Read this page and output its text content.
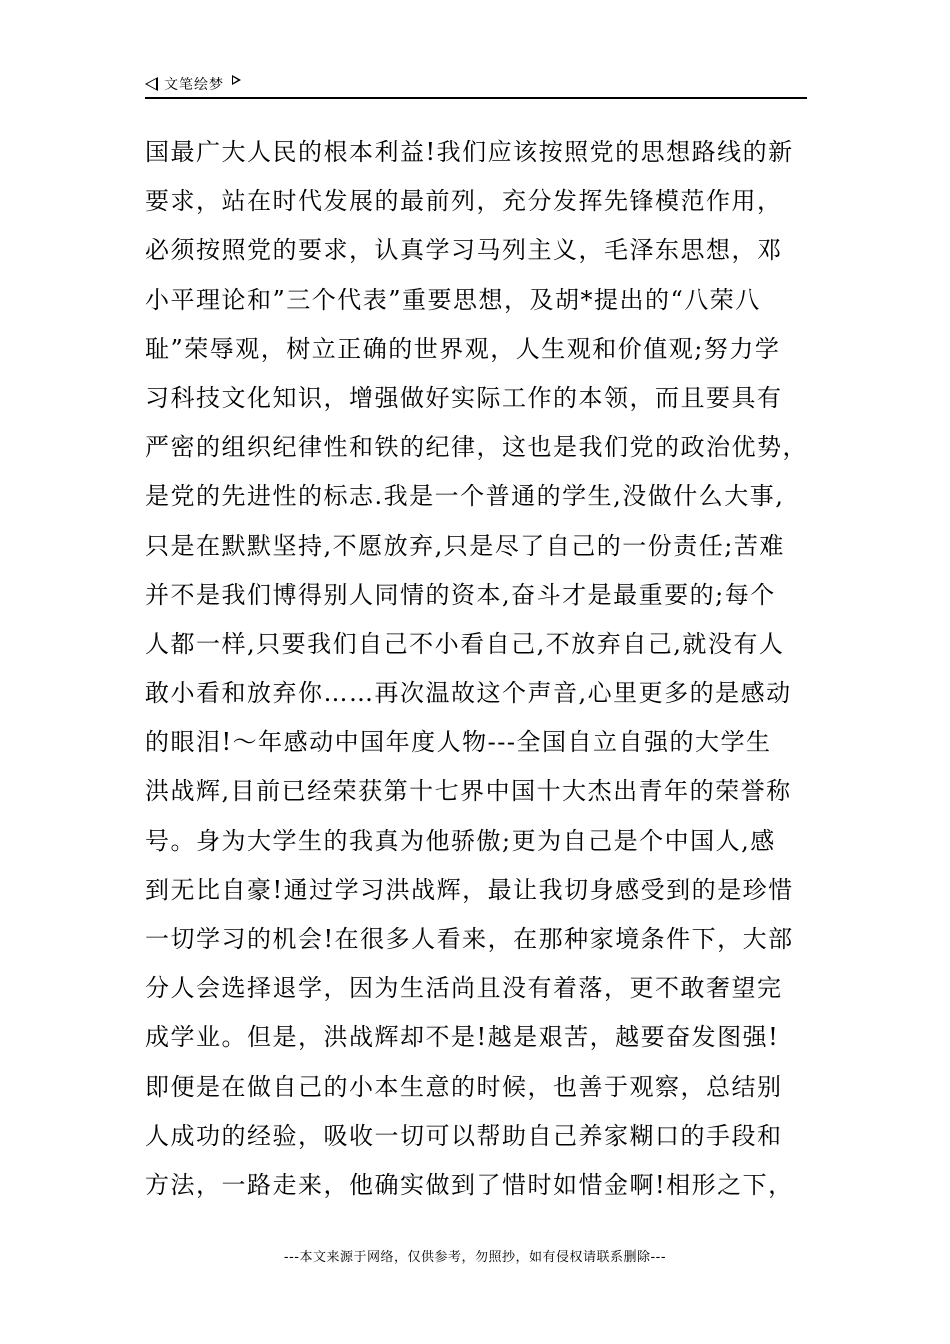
文笔绘梦
国最广大人民的根本利益!我们应该按照党的思想路线的新
要求，站在时代发展的最前列，充分发挥先锋模范作用，
必须按照党的要求，认真学习马列主义，毛泽东思想，邓
小平理论和”三个代表”重要思想，及胡*提出的“八荣八
耻”荣辱观，树立正确的世界观，人生观和价值观;努力学
习科技文化知识，增强做好实际工作的本领，而且要具有
严密的组织纪律性和铁的纪律，这也是我们党的政治优势，
是党的先进性的标志.我是一个普通的学生,没做什么大事,
只是在默默坚持,不愿放弃,只是尽了自己的一份责任;苦难
并不是我们博得别人同情的资本,奋斗才是最重要的;每个
人都一样,只要我们自己不小看自己,不放弃自己,就没有人
敢小看和放弃你……再次温故这个声音,心里更多的是感动
的眼泪!～年感动中国年度人物---全国自立自强的大学生
洪战辉,目前已经荣获第十七界中国十大杰出青年的荣誉称
号。身为大学生的我真为他骄傲;更为自己是个中国人,感
到无比自豪!通过学习洪战辉，最让我切身感受到的是珍惜
一切学习的机会!在很多人看来，在那种家境条件下，大部
分人会选择退学，因为生活尚且没有着落，更不敢奢望完
成学业。但是，洪战辉却不是!越是艰苦，越要奋发图强!
即便是在做自己的小本生意的时候，也善于观察，总结别
人成功的经验，吸收一切可以帮助自己养家糊口的手段和
方法，一路走来，他确实做到了惜时如惜金啊!相形之下，
---本文来源于网络，仅供参考，勿照抄，如有侵权请联系删除---
